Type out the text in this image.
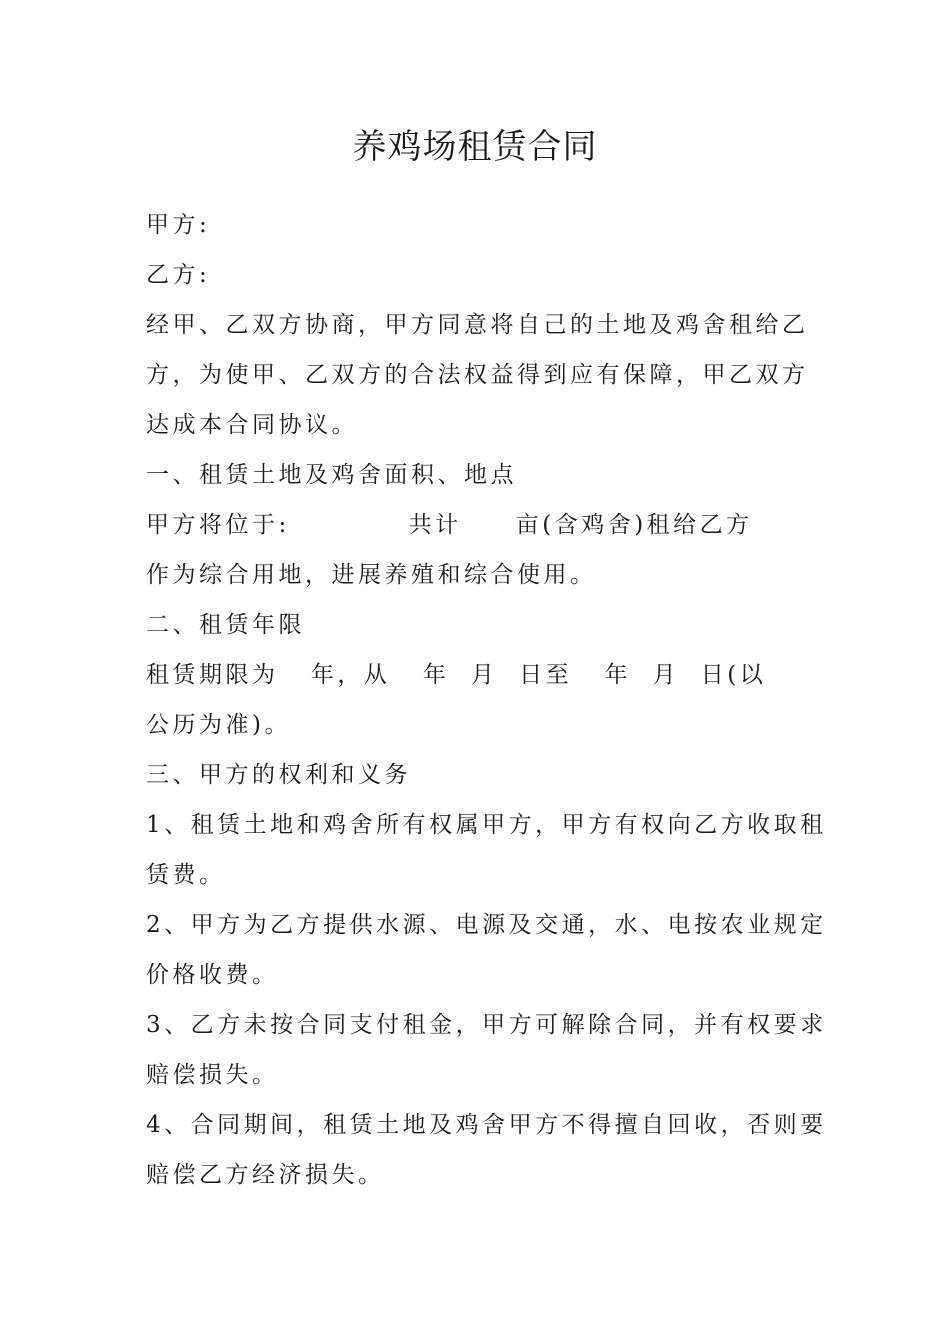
养鸡场租赁合同

甲方:

乙方:

经甲、乙双方协商，甲方同意将自己的土地及鸡舍租给乙

方，为使甲、乙双方的合法权益得到应有保障，甲乙双方

达成本合同协议。

一、租赁土地及鸡舍面积、地点

甲方将位于:           共计     亩(含鸡舍)租给乙方

作为综合用地，进展养殖和综合使用。

二、租赁年限

租赁期限为   年，从   年  月  日至   年  月  日(以

公历为准)。

三、甲方的权利和义务

1、租赁土地和鸡舍所有权属甲方，甲方有权向乙方收取租

赁费。

2、甲方为乙方提供水源、电源及交通，水、电按农业规定

价格收费。

3、乙方未按合同支付租金，甲方可解除合同，并有权要求

赔偿损失。

4、合同期间，租赁土地及鸡舍甲方不得擅自回收，否则要

赔偿乙方经济损失。
